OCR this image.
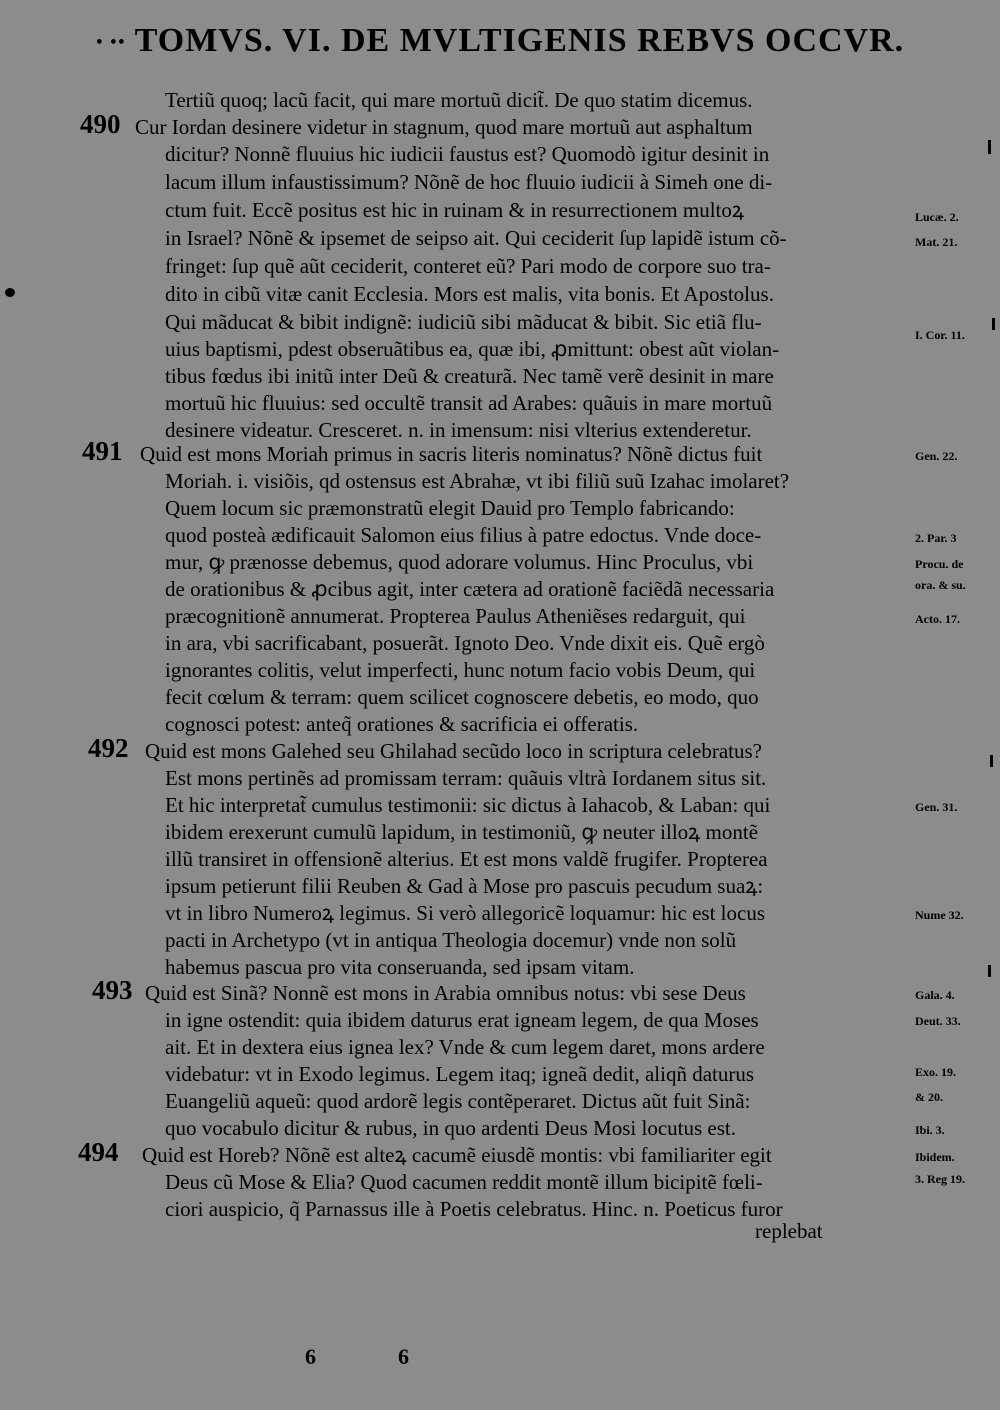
• •• TOMVS. VI. DE MVLTIGENIS REBVS OCCVR.
Tertiũ quoq; lacũ facit, qui mare mortuũ dicit̃. De quo statim dicemus.
490 Cur Iordan desinere videtur in stagnum, quod mare mortuũ aut asphaltum
dicitur? Nonnẽ fluuius hic iudicii faustus est? Quomodò igitur desinit in
lacum illum infaustissimum? Nõnẽ de hoc fluuio iudicii à Simeh one di-
ctum fuit. Eccẽ positus est hic in ruinam & in resurrectionem multoꝝ
in Israel? Nõnẽ & ipsemet de seipso ait. Qui ceciderit ſup lapidẽ istum cõ-
fringet: ſup quẽ aũt ceciderit, conteret eũ? Pari modo de corpore suo tra-
dito in cibũ vitæ canit Ecclesia. Mors est malis, vita bonis. Et Apostolus.
Qui mãducat & bibit indignẽ: iudiciũ sibi mãducat & bibit. Sic etiã flu-
uius baptismi, pdest obseruãtibus ea, quæ ibi, ꝓmittunt: obest aũt violan-
tibus fœdus ibi initũ inter Deũ & creaturã. Nec tamẽ verẽ desinit in mare
mortuũ hic fluuius: sed occultẽ transit ad Arabes: quãuis in mare mortuũ
desinere videatur. Cresceret. n. in imensum: nisi vlterius extenderetur.
491 Quid est mons Moriah primus in sacris literis nominatus? Nõnẽ dictus fuit
Moriah. i. visiõis, qd ostensus est Abrahæ, vt ibi filiũ suũ Izahac imolaret?
Quem locum sic præmonstratũ elegit Dauid pro Templo fabricando:
quod posteà ædificauit Salomon eius filius à patre edoctus. Vnde doce-
mur, ꝙ prænosse debemus, quod adorare volumus. Hinc Proculus, vbi
de orationibus & ꝓcibus agit, inter cætera ad orationẽ faciẽdã necessaria
præcognitionẽ annumerat. Propterea Paulus Atheniẽses redarguit, qui
in ara, vbi sacrificabant, posuerãt. Ignoto Deo. Vnde dixit eis. Quẽ ergò
ignorantes colitis, velut imperfecti, hunc notum facio vobis Deum, qui
fecit cœlum & terram: quem scilicet cognoscere debetis, eo modo, quo
cognosci potest: anteq̃ orationes & sacrificia ei offeratis.
492 Quid est mons Galehed seu Ghilahad secũdo loco in scriptura celebratus?
Est mons pertinẽs ad promissam terram: quãuis vltrà Iordanem situs sit.
Et hic interpretat̃ cumulus testimonii: sic dictus à Iahacob, & Laban: qui
ibidem erexerunt cumulũ lapidum, in testimoniũ, ꝙ neuter illoꝝ montẽ
illũ transiret in offensionẽ alterius. Et est mons valdẽ frugifer. Propterea
ipsum petierunt filii Reuben & Gad à Mose pro pascuis pecudum suaꝝ:
vt in libro Numeroꝝ legimus. Si verò allegoricẽ loquamur: hic est locus
pacti in Archetypo (vt in antiqua Theologia docemur) vnde non solũ
habemus pascua pro vita conseruanda, sed ipsam vitam.
493 Quid est Sinã? Nonnẽ est mons in Arabia omnibus notus: vbi sese Deus
in igne ostendit: quia ibidem daturus erat igneam legem, de qua Moses
ait. Et in dextera eius ignea lex? Vnde & cum legem daret, mons ardere
videbatur: vt in Exodo legimus. Legem itaq; igneã dedit, aliqñ daturus
Euangeliũ aqueũ: quod ardorẽ legis contẽperaret. Dictus aũt fuit Sinã:
quo vocabulo dicitur & rubus, in quo ardenti Deus Mosi locutus est.
494 Quid est Horeb? Nõnẽ est alteꝝ cacumẽ eiusdẽ montis: vbi familiariter egit
Deus cũ Mose & Elia? Quod cacumen reddit montẽ illum bicipitẽ fœli-
ciori auspicio, q̃ Parnassus ille à Poetis celebratus. Hinc. n. Poeticus furor
replebat
6	6
Lucæ. 2.
Mat. 21.
I. Cor. 11.
Gen. 22.
2. Par. 3
Procu. de
ora. & su.
Acto. 17.
Gen. 31.
Nume 32.
Gala. 4.
Deut. 33.
Exo. 19.
& 20.
Ibi. 3.
Ibidem.
3. Reg 19.
